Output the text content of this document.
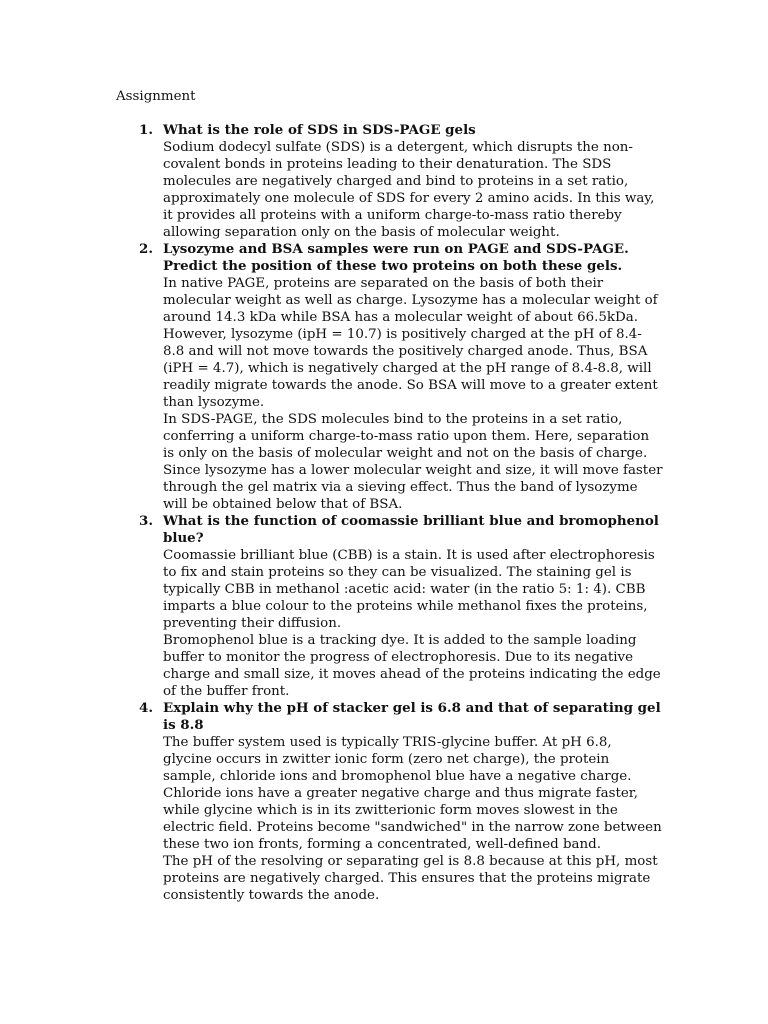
Assignment
1. What is the role of SDS in SDS-PAGE gels

Sodium dodecyl sulfate (SDS) is a detergent, which disrupts the non-covalent bonds in proteins leading to their denaturation. The SDS molecules are negatively charged and bind to proteins in a set ratio, approximately one molecule of SDS for every 2 amino acids. In this way, it provides all proteins with a uniform charge-to-mass ratio thereby allowing separation only on the basis of molecular weight.

2. Lysozyme and BSA samples were run on PAGE and SDS-PAGE. Predict the position of these two proteins on both these gels.

In native PAGE, proteins are separated on the basis of both their molecular weight as well as charge. Lysozyme has a molecular weight of around 14.3 kDa while BSA has a molecular weight of about 66.5kDa. However, lysozyme (ipH = 10.7) is positively charged at the pH of 8.4-8.8 and will not move towards the positively charged anode. Thus, BSA (iPH = 4.7), which is negatively charged at the pH range of 8.4-8.8, will readily migrate towards the anode. So BSA will move to a greater extent than lysozyme.

In SDS-PAGE, the SDS molecules bind to the proteins in a set ratio, conferring a uniform charge-to-mass ratio upon them. Here, separation is only on the basis of molecular weight and not on the basis of charge. Since lysozyme has a lower molecular weight and size, it will move faster through the gel matrix via a sieving effect. Thus the band of lysozyme will be obtained below that of BSA.

3. What is the function of coomassie brilliant blue and bromophenol blue?

Coomassie brilliant blue (CBB) is a stain. It is used after electrophoresis to fix and stain proteins so they can be visualized. The staining gel is typically CBB in methanol :acetic acid: water (in the ratio 5: 1: 4). CBB imparts a blue colour to the proteins while methanol fixes the proteins, preventing their diffusion.

Bromophenol blue is a tracking dye. It is added to the sample loading buffer to monitor the progress of electrophoresis. Due to its negative charge and small size, it moves ahead of the proteins indicating the edge of the buffer front.

4. Explain why the pH of stacker gel is 6.8 and that of separating gel is 8.8

The buffer system used is typically TRIS-glycine buffer. At pH 6.8, glycine occurs in zwitter ionic form (zero net charge), the protein sample, chloride ions and bromophenol blue have a negative charge. Chloride ions have a greater negative charge and thus migrate faster, while glycine which is in its zwitterionic form moves slowest in the electric field. Proteins become "sandwiched" in the narrow zone between these two ion fronts, forming a concentrated, well-defined band.

The pH of the resolving or separating gel is 8.8 because at this pH, most proteins are negatively charged. This ensures that the proteins migrate consistently towards the anode.
